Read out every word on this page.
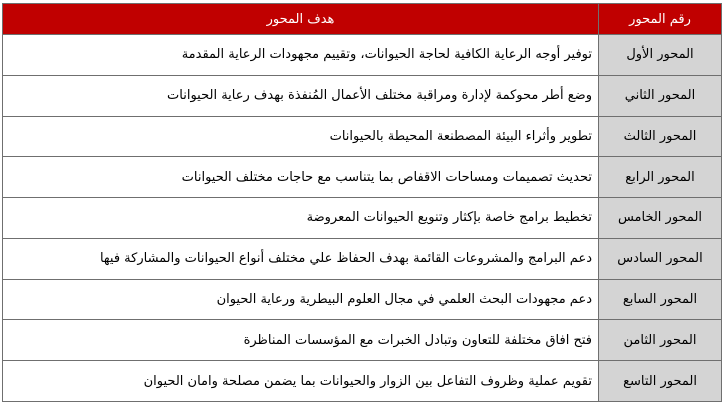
رقم المحور	هدف المحور
المحور الأول	توفير أوجه الرعاية الكافية لحاجة الحيوانات، وتقييم مجهودات الرعاية المقدمة
المحور الثاني	وضع أطر محوكمة لإدارة ومراقبة مختلف الأعمال المُنفذة بهدف رعاية الحيوانات
المحور الثالث	تطوير وأثراء البيئة المصطنعة المحيطة بالحيوانات
المحور الرابع	تحديث تصميمات ومساحات الاقفاص بما يتناسب مع حاجات مختلف الحيوانات
المحور الخامس	تخطيط برامج خاصة بإكثار وتنويع الحيوانات المعروضة
المحور السادس	دعم البرامج والمشروعات القائمة بهدف الحفاظ علي مختلف أنواع الحيوانات والمشاركة فيها
المحور السابع	دعم مجهودات البحث العلمي في مجال العلوم البيطرية ورعاية الحيوان
المحور الثامن	فتح افاق مختلفة للتعاون وتبادل الخبرات مع المؤسسات المناظرة
المحور التاسع	تقويم عملية وظروف التفاعل بين الزوار والحيوانات بما يضمن مصلحة وامان الحيوان
